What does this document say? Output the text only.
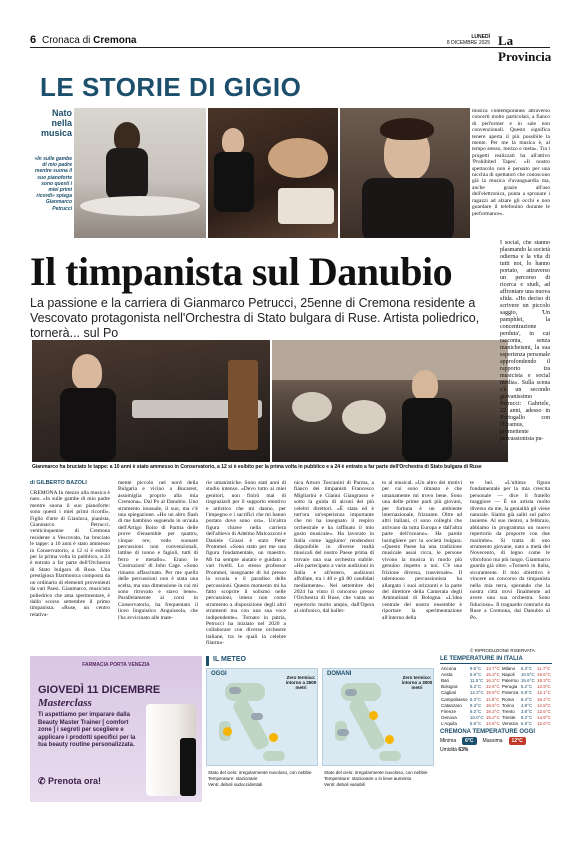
6 Cronaca di Cremona	LUNEDÌ
8 DICEMBRE 2025 La Provincia
LE STORIE DI GIGIO
Nato nella musica
«In sulle gambe di mio padre mentre suona il suo pianoforte sono questi i miei primi ricordi» spiega Gianmarco Petrucci
Il timpanista sul Danubio
La passione e la carriera di Gianmarco Petrucci, 25enne di Cremona residente a Vescovato protagonista nell'Orchestra di Stato bulgara di Ruse. Artista poliedrico, tornerà... sul Po
Gianmarco ha bruciato le tappe: a 10 anni è stato ammesso in Conservatorio, a 12 si è esibito per la prima volta in pubblico e a 24 è entrato a far parte dell'Orchestra di Stato bulgara di Ruse
di GILBERTO BAZOLI
CREMONA In mezzo alla musica è nato. «In sulle gambe di mio padre mentre suona il suo pianoforte: sono questi i miei primi ricordi». Figlio d'arte di Gianluca, pianista, Gianmarco Petrucci, venticinquenne di Cremona residente a Vescovato, ha bruciato le tappe: a 10 anni è stato ammesso in Conservatorio, a 12 si è esibito per la prima volta in pubblico, a 24 è entrato a far parte dell'Orchestra di Stato bulgara di Ruse. Una prestigiosa filarmonica composta da un ordinario di elementi provenienti da vari Paesi. Gianmarco, musicista poliedrico che ama sperimentare, è dallo scorso settembre il primo timpanista. «Ruse, un centro relativa-
mente piccolo nel nord della Bulgaria e vicino a Bucarest, assomiglia proprio alla mia Cremona». Dal Po al Danubio. Uno strumento inusuale, il suo, ma c'è una spiegazione. «Ho un altro flash di me bambino seguendo in un'aula dell'Artigo Boito di Parma delle prove d'ensemble per quattro, cinque ore, vedo suonare percussioni non convenzionali, lattine di tonno e fagioli, tutti di ferro e metallo». Erano le 'Costruzioni' di John Cage. «Sono rimasto affascinato. Per me quella delle percussioni non è stata una scelta, ma una dimensione in cui mi sono ritrovato e stavo bene». Parallelamente ai corsi in Conservatorio, ha frequentato il liceo linguistico Anguissola, che l'ha avvicinato alle mate-
rie umanistiche. Sono stati anni di studio intenso. «Devo tutto ai miei genitori, non finirò mai di ringraziarli per il supporto emotivo e artistico che mi danno, per l'impegno e i sacrifici che mi hanno portato dove sono ora». Un'altra figura chiave nella carriera dell'allievo di Adelmo Malcozzoni e Daniele Grassi è stato Peter Prommel. «Sono stato per me una figura fondamentale, un maestro. Mi ha sempre aiutato e guidato a vari livelli. Lo stesso professor Prommel, insegnante di lui presso la scuola e il paradiso delle percussioni. Questo momento mi ha fatto scoprire il solismo nelle percussioni, inteso non come strumento a disposizione degli altri strumenti ma con una sua voce indipendente». Tornato in patria, Petrucci ha iniziato nel 2020 a collaborare con diverse orchestre italiane, tra le quali la celebre filarmo-
nica Arturo Toscanini di Parma, a fianco dei timpanisti Francesco Migliarini e Gianni Giangrasso e sotto la guida di alcuni dei più celebri direttori. «È stata ed è tutt'ora un'esperienza importante che mi ha insegnato il respiro orchestrale e ha raffinato il mio gusto musicale». Ha lavorato in Italia come 'aggiunto' rendendosi disponibile in diverse realtà musicali del nostro Paese prima di trovare una sua orchestra stabile. «Ho partecipato a varie audizioni in Italia e all'estero, audizioni affollate, tra i 40 e gli 80 candidati mediamente». Nel settembre del 2024 ha vinto il concorso presso l'Orchestra di Ruse, che vanta un repertorio molto ampio, dall'Opera al sinfonico, dal ballet-
to al musical. «Un altro dei motivi per cui sono rimasto è che umanamente mi trovo bene. Sono una delle prime parti più giovani, per fortuna è un ambiente internazionale, frizzante. Oltre ad altri italiani, ci sono colleghi che arrivano da tutta Europa e dall'altra parte dell'oceano». Ha parole lusinghiere per la società bulgara. «Questo Paese ha una tradizione musicale assai ricca, le persone vivono la musica in modo più genuino rispetto a noi. C'è una frizione diversa, trasversale». Il talentuoso percussionista ha allargato i suoi orizzonti e la parte del direttore della Camerata degli Ammutinati di Bologna. «L'idea centrale del nostro ensemble è riportare la sperimentazione all'interno della
te bel. «L'ultima figura fondamentale per la mia crescita personale — dice il fratello maggiore — È un artista molto diverso da me, la genialità gli viene naturale. Siamo già saliti sul palco insieme. Al suo rientro, a febbraio, abbiamo in programma un nuovo repertorio da proporre con due marimbe». Si tratta di uno strumento giovane, nato a metà del Novecento, di legno come le vibrofono ma più lungo. Gianmarco guarda già oltre. «Tornerò in Italia, sicuramente. Il mio obiettivo è vincere un concorso da timpanista nella mia terra, sperando che la nostra città trovi finalmente ad avere una sua orchestra. Sono fiducioso». Il traguardo contrario da Ruse a Cremona, dal Danubio al Po.
musica contemporanea attraverso concerti molto particolari, a fianco di performer e in sale non convenzionali. Questo significa tenere aperta il più possibile la mente. Per me la musica è, al tempo stesso, mezzo e meta». Tra i progetti realizzati ha all'attivo 'Prohibited Tapes'. «Il nostro spettacolo non è pensato per una nicchia di spettatori che conoscono già la musica d'avanguardia ma, anche grazie all'uso dell'elettronica, punta a spronare i ragazzi ad alzare gli occhi e non guardare il telefonino durante le performance».
I social, che stanno plasmando la società odierna e la vita di tutti noi, lo hanno portato, attraverso un percorso di ricerca e studi, ad affrontare una nuova sfida. «Ho deciso di scrivere un piccolo saggio, 'Un pamphlet, la concentrazione perduta', in cui racconta, senza manicheismi, la sua esperienza personale approfondendo il rapporto tra musicista e social media». Sulla scena c'è un secondo giovanissimo Petrucci: Gabriele, 22 anni, adesso in Portogallo con l'Eyamus, promettente percussionista pu-
© RIPRODUZIONE RISERVATA
FARMACIA PORTA VENEZIA
GIOVEDÌ 11 DICEMBRE
Masterclass
Ti aspettiamo per imparare dalla Beauty Master Trainer [ comfort zone ] i segreti per scegliere e applicare i prodotti specifici per la tua beauty routine personalizzata.
✆ Prenota ora!
IL METEO
OGGI
Zero termico: intorno a 2600 metri
DOMANI
Zero termico: intorno a 3000 metri
Stato del cielo: irregolarmente nuvoloso, con nebbie
Temperature: stazionarie
Venti: deboli sudoccidentali
Stato del cielo: irregolarmente nuvoloso, con nebbie
Temperature: stazionarie o in lieve aumento
Venti: deboli variabili
LE TEMPERATURE IN ITALIA
Ancona	9.5°C	13.7°C	Milano	6.3°C	11.7°C
Aosta	5.6°C	15.3°C	Napoli	10.8°C	15.6°C
Bari	11.5°C	16.3°C	Palermo	15.6°C	18.3°C
Bologna	6.2°C	12.6°C	Perugia	5.2°C	12.9°C
Cagliari	12.3°C	15.9°C	Potenza	5.8°C	12.1°C
Campobasso	5.3°C	11.8°C	Roma	8.4°C	16.4°C
Catanzaro	9.3°C	16.6°C	Torino	4.9°C	12.8°C
Firenze	8.2°C	16.3°C	Trento	3.8°C	12.5°C
Genova	10.0°C	15.2°C	Trieste	8.2°C	14.8°C
L'Aquila	5.6°C	14.6°C	Venezia	6.5°C	12.6°C
CREMONA TEMPERATURE OGGI
Minima	6°C	Massima	12°C
Umidità 63%
